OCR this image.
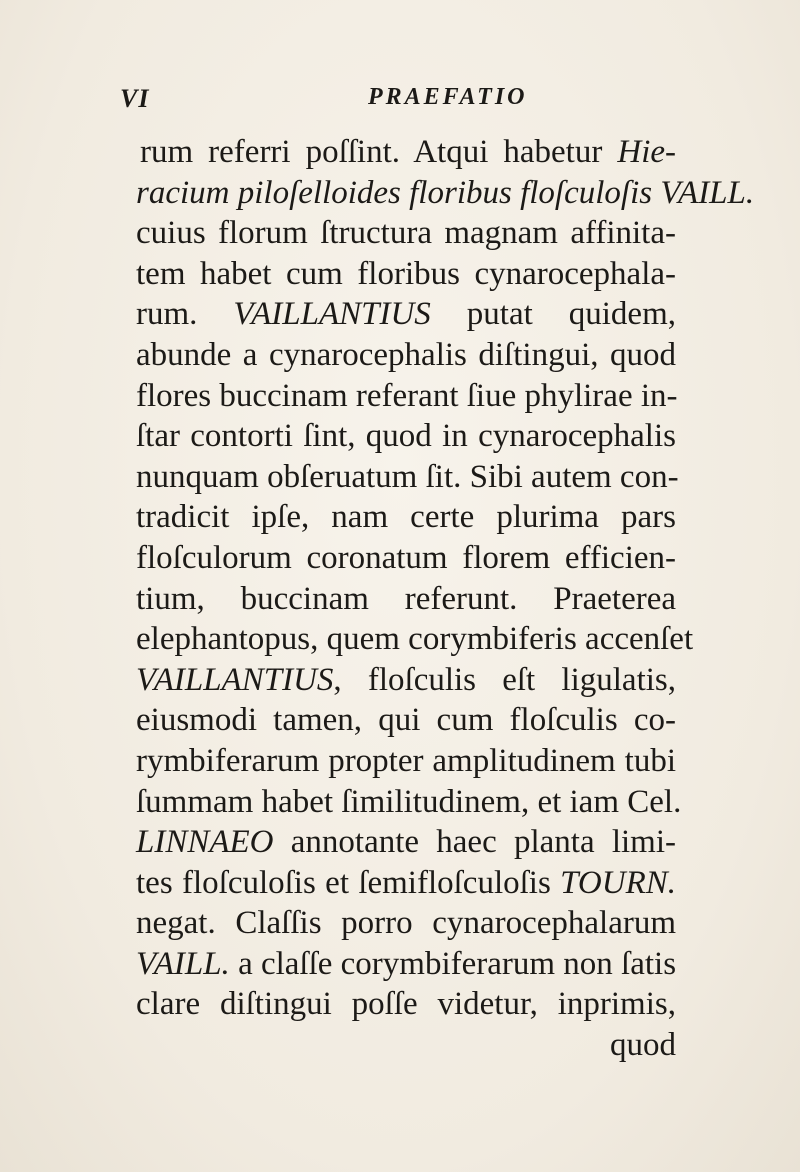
VI	PRAEFATIO
rum referri poſſint. Atqui habetur Hie-
racium piloſelloides floribus floſculoſis VAILL.
cuius florum ſtructura magnam affinita-
tem habet cum floribus cynarocephala-
rum. VAILLANTIUS putat quidem,
abunde a cynarocephalis diſtingui, quod
flores buccinam referant ſiue phylirae in-
ſtar contorti ſint, quod in cynarocephalis
nunquam obſeruatum ſit. Sibi autem con-
tradicit ipſe, nam certe plurima pars
floſculorum coronatum florem efficien-
tium, buccinam referunt. Praeterea
elephantopus, quem corymbiferis accenſet
VAILLANTIUS, floſculis eſt ligulatis,
eiusmodi tamen, qui cum floſculis co-
rymbiferarum propter amplitudinem tubi
ſummam habet ſimilitudinem, et iam Cel.
LINNAEO annotante haec planta limi-
tes floſculoſis et ſemifloſculoſis TOURN.
negat. Claſſis porro cynarocephalarum
VAILL. a claſſe corymbiferarum non ſatis
clare diſtingui poſſe videtur, inprimis,
quod
